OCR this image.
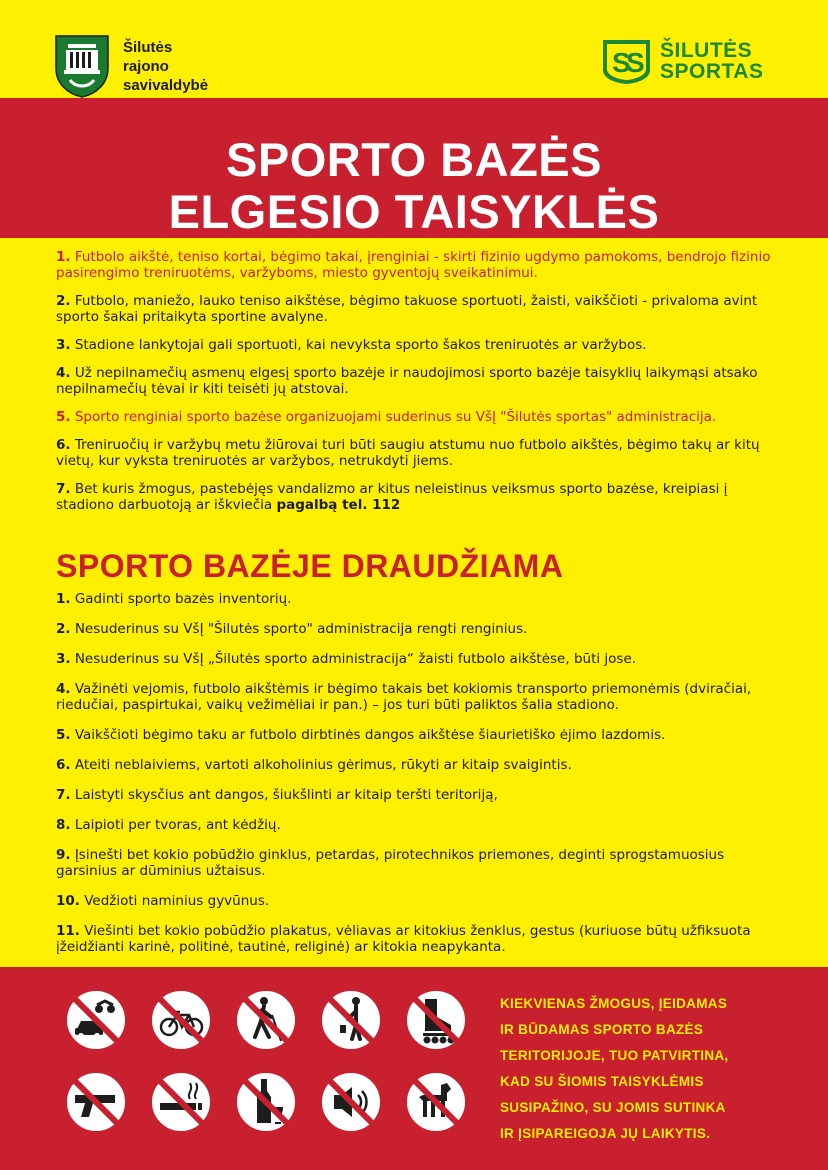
Šilutės
rajono
savivaldybė
S
S ŠILUTĖS
SPORTAS
SPORTO BAZĖS
ELGESIO TAISYKLĖS

1. Futbolo aikštė, teniso kortai, bėgimo takai, įrenginiai - skirti fizinio ugdymo pamokoms, bendrojo fizinio pasirengimo treniruotėms, varžyboms, miesto gyventojų sveikatinimui.

2. Futbolo, maniežo, lauko teniso aikštėse, bėgimo takuose sportuoti, žaisti, vaikščioti - privaloma avint sporto šakai pritaikyta sportine avalyne.

3. Stadione lankytojai gali sportuoti, kai nevyksta sporto šakos treniruotės ar varžybos.

4. Už nepilnamečių asmenų elgesį sporto bazėje ir naudojimosi sporto bazėje taisyklių laikymąsi atsako nepilnamečių tėvai ir kiti teisėti jų atstovai.

5. Sporto renginiai sporto bazėse organizuojami suderinus su VšĮ "Šilutės sportas" administracija.

6. Treniruočių ir varžybų metu žiūrovai turi būti saugiu atstumu nuo futbolo aikštės, bėgimo takų ar kitų vietų, kur vyksta treniruotės ar varžybos, netrukdyti jiems.

7. Bet kuris žmogus, pastebėjęs vandalizmo ar kitus neleistinus veiksmus sporto bazėse, kreipiasi į stadiono darbuotoją ar iškviečia pagalbą tel. 112

SPORTO BAZĖJE DRAUDŽIAMA

1. Gadinti sporto bazės inventorių.

2. Nesuderinus su VšĮ "Šilutės sporto" administracija rengti renginius.

3. Nesuderinus su VšĮ „Šilutės sporto administracija“ žaisti futbolo aikštėse, būti jose.

4. Važinėti vejomis, futbolo aikštėmis ir bėgimo takais bet kokiomis transporto priemonėmis (dviračiai, riedučiai, paspirtukai, vaikų vežimėliai ir pan.) – jos turi būti paliktos šalia stadiono.

5. Vaikščioti bėgimo taku ar futbolo dirbtinės dangos aikštėse šiaurietiško ėjimo lazdomis.

6. Ateiti neblaiviems, vartoti alkoholinius gėrimus, rūkyti ar kitaip svaigintis.

7. Laistyti skysčius ant dangos, šiukšlinti ar kitaip teršti teritoriją,

8. Laipioti per tvoras, ant kėdžių.

9. Įsinešti bet kokio pobūdžio ginklus, petardas, pirotechnikos priemones, deginti sprogstamuosius garsinius ar dūminius užtaisus.

10. Vedžioti naminius gyvūnus.

11. Viešinti bet kokio pobūdžio plakatus, vėliavas ar kitokius ženklus, gestus (kuriuose būtų užfiksuota įžeidžianti karinė, politinė, tautinė, religinė) ar kitokia neapykanta.

KIEKVIENAS ŽMOGUS, ĮEIDAMAS
IR BŪDAMAS SPORTO BAZĖS
TERITORIJOJE, TUO PATVIRTINA,
KAD SU ŠIOMIS TAISYKLĖMIS
SUSIPAŽINO, SU JOMIS SUTINKA
IR ĮSIPAREIGOJA JŲ LAIKYTIS.
